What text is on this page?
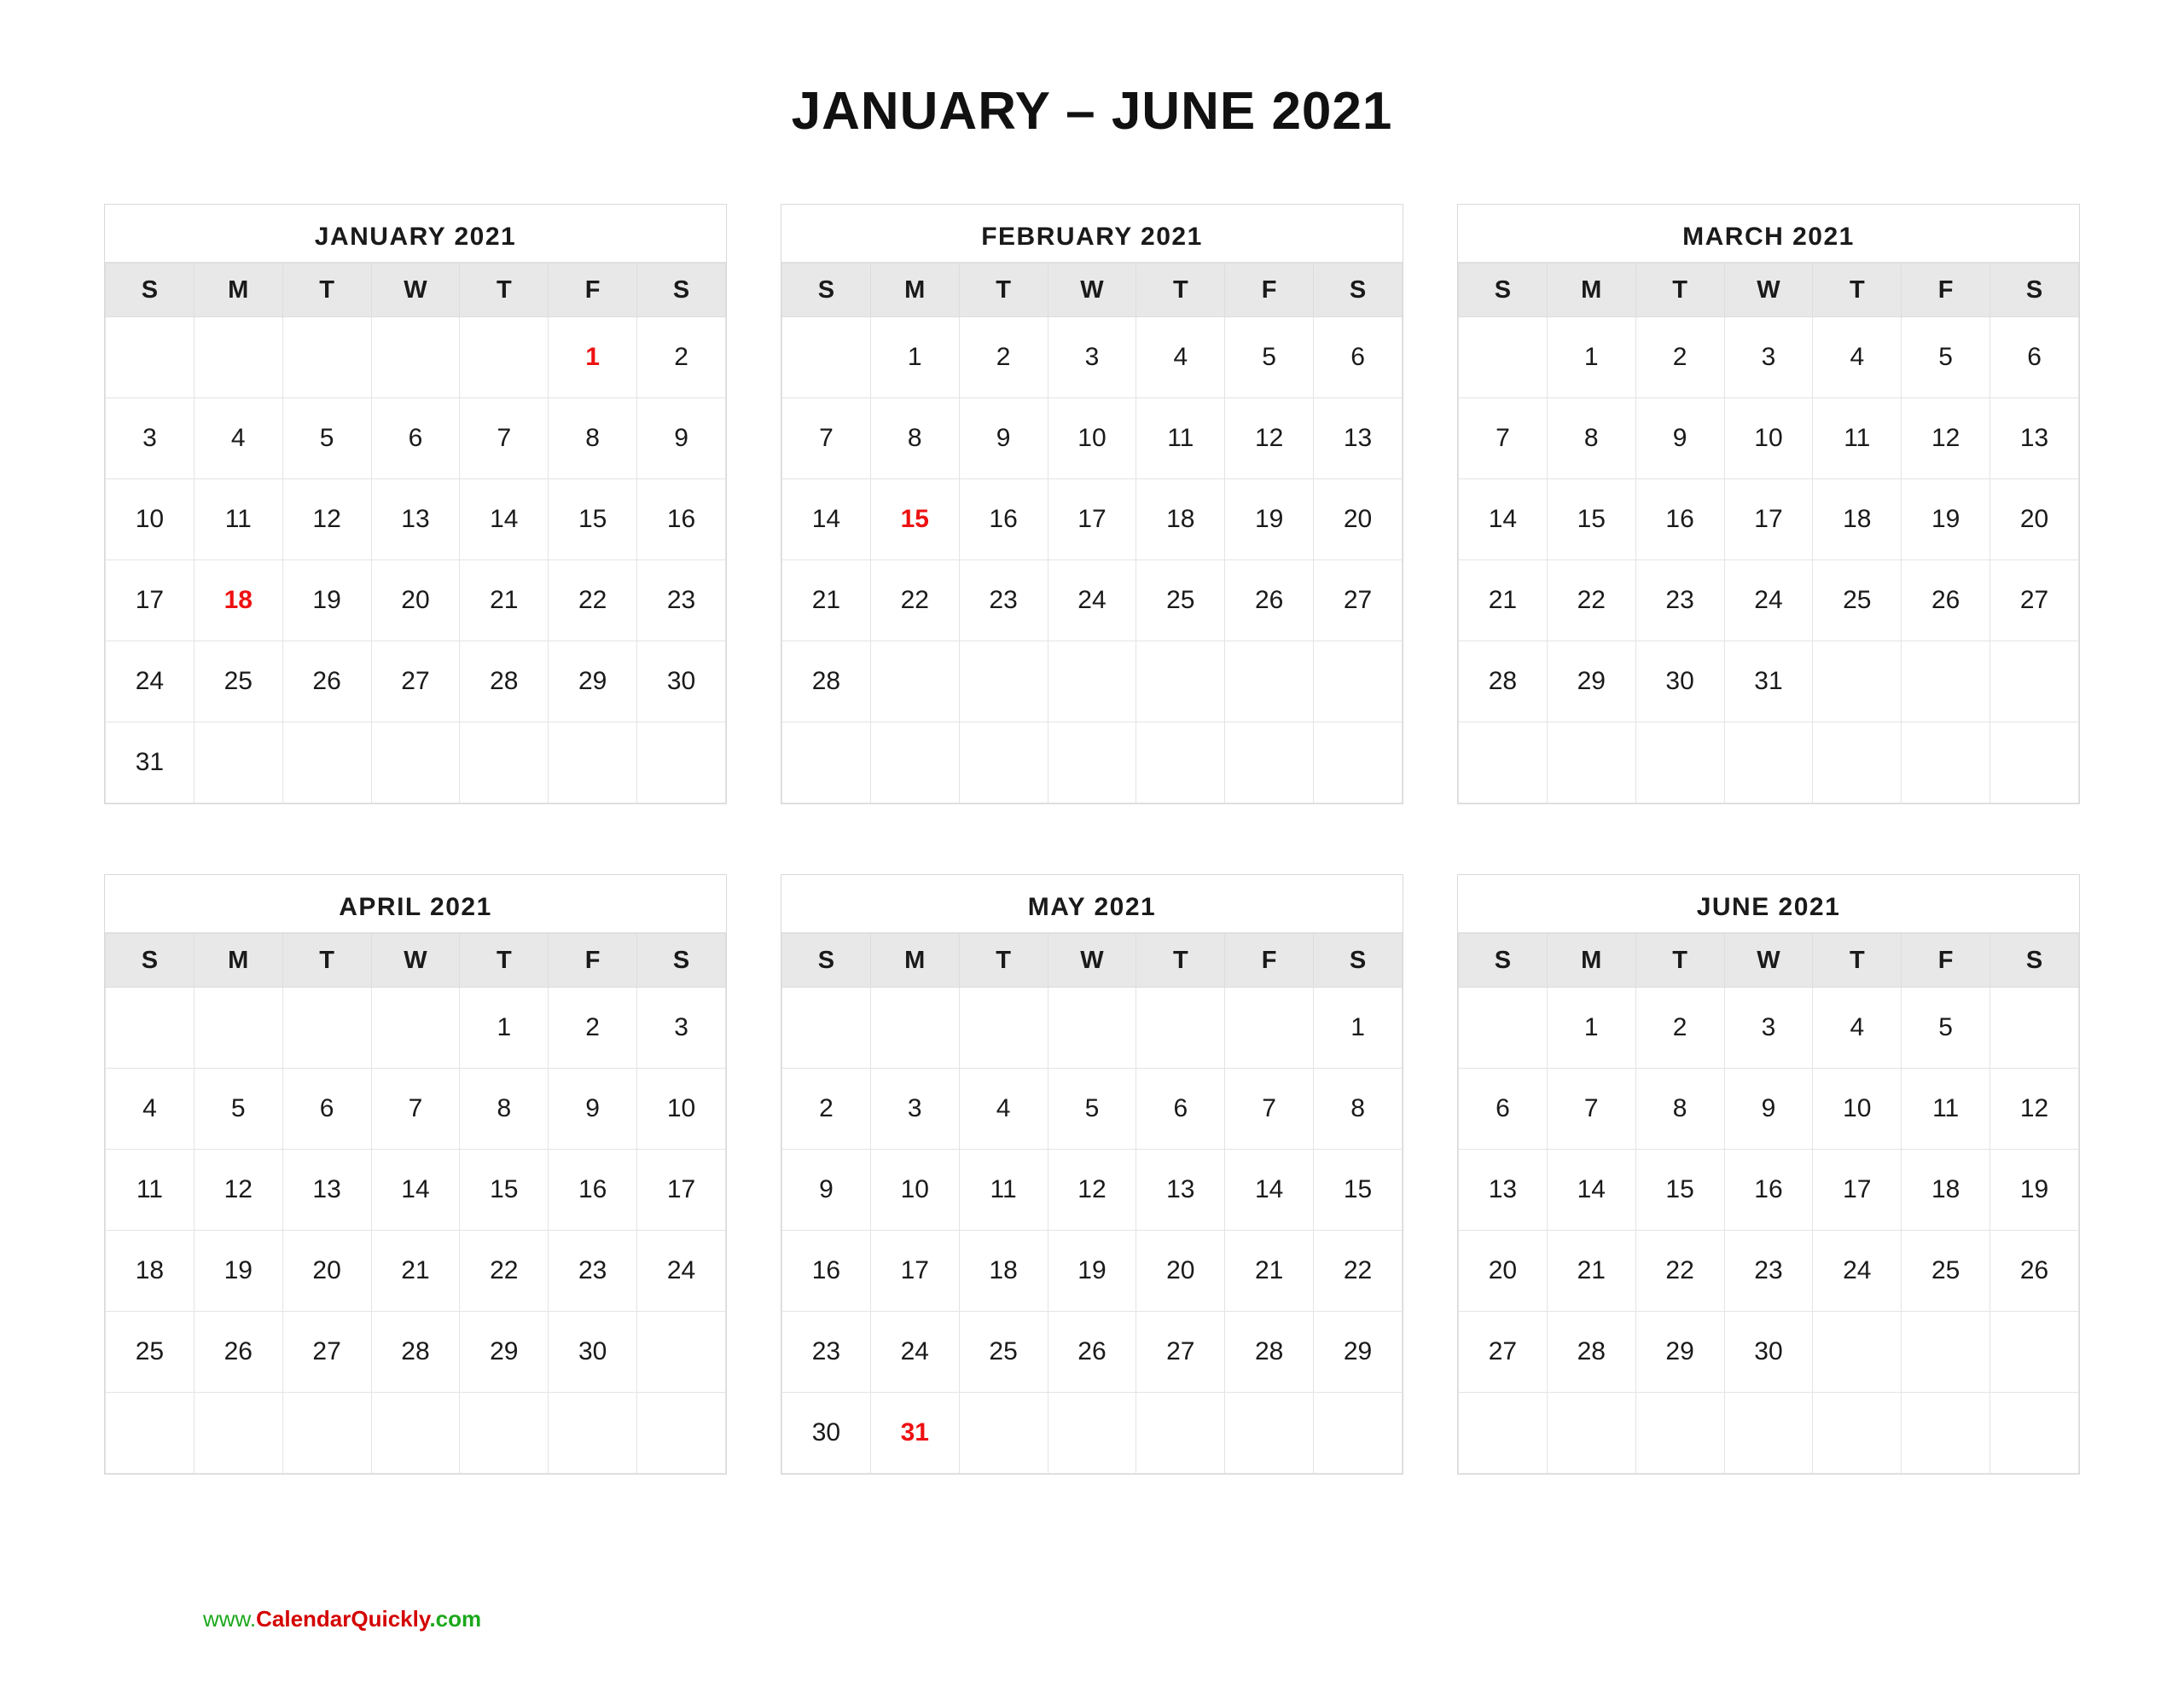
JANUARY – JUNE 2021
JANUARY 2021
S	M	T	W	T	F	S
					1	2
3	4	5	6	7	8	9
10	11	12	13	14	15	16
17	18	19	20	21	22	23
24	25	26	27	28	29	30
31						
FEBRUARY 2021
S	M	T	W	T	F	S
	1	2	3	4	5	6
7	8	9	10	11	12	13
14	15	16	17	18	19	20
21	22	23	24	25	26	27
28						

MARCH 2021
S	M	T	W	T	F	S
	1	2	3	4	5	6
7	8	9	10	11	12	13
14	15	16	17	18	19	20
21	22	23	24	25	26	27
28	29	30	31			

APRIL 2021
S	M	T	W	T	F	S
				1	2	3
4	5	6	7	8	9	10
11	12	13	14	15	16	17
18	19	20	21	22	23	24
25	26	27	28	29	30	

MAY 2021
S	M	T	W	T	F	S
						1
2	3	4	5	6	7	8
9	10	11	12	13	14	15
16	17	18	19	20	21	22
23	24	25	26	27	28	29
30	31					
JUNE 2021
S	M	T	W	T	F	S
	1	2	3	4	5	
6	7	8	9	10	11	12
13	14	15	16	17	18	19
20	21	22	23	24	25	26
27	28	29	30			

www.CalendarQuickly.com
